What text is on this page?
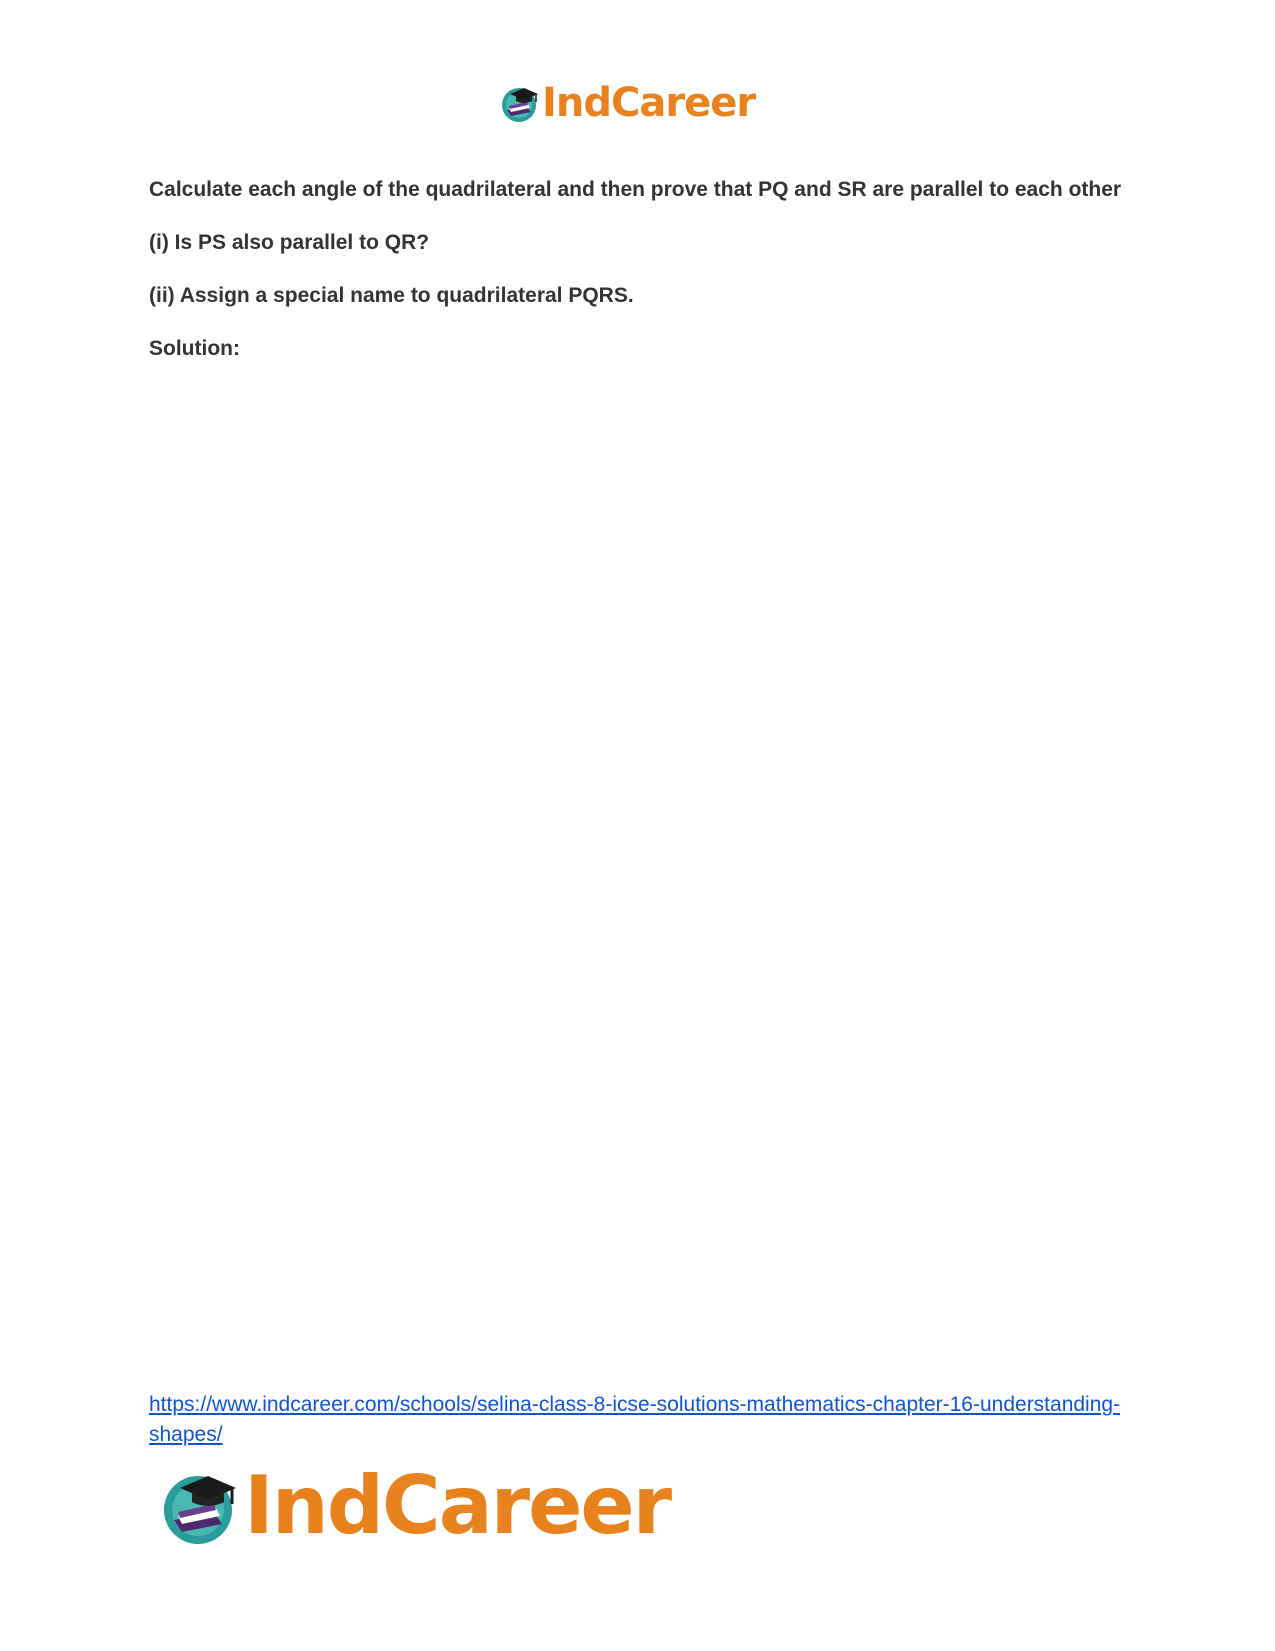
IndCareer

Calculate each angle of the quadrilateral and then prove that PQ and SR are parallel to each other

(i) Is PS also parallel to QR?

(ii) Assign a special name to quadrilateral PQRS.

Solution:

https://www.indcareer.com/schools/selina-class-8-icse-solutions-mathematics-chapter-16-understanding-shapes/
IndCareer
